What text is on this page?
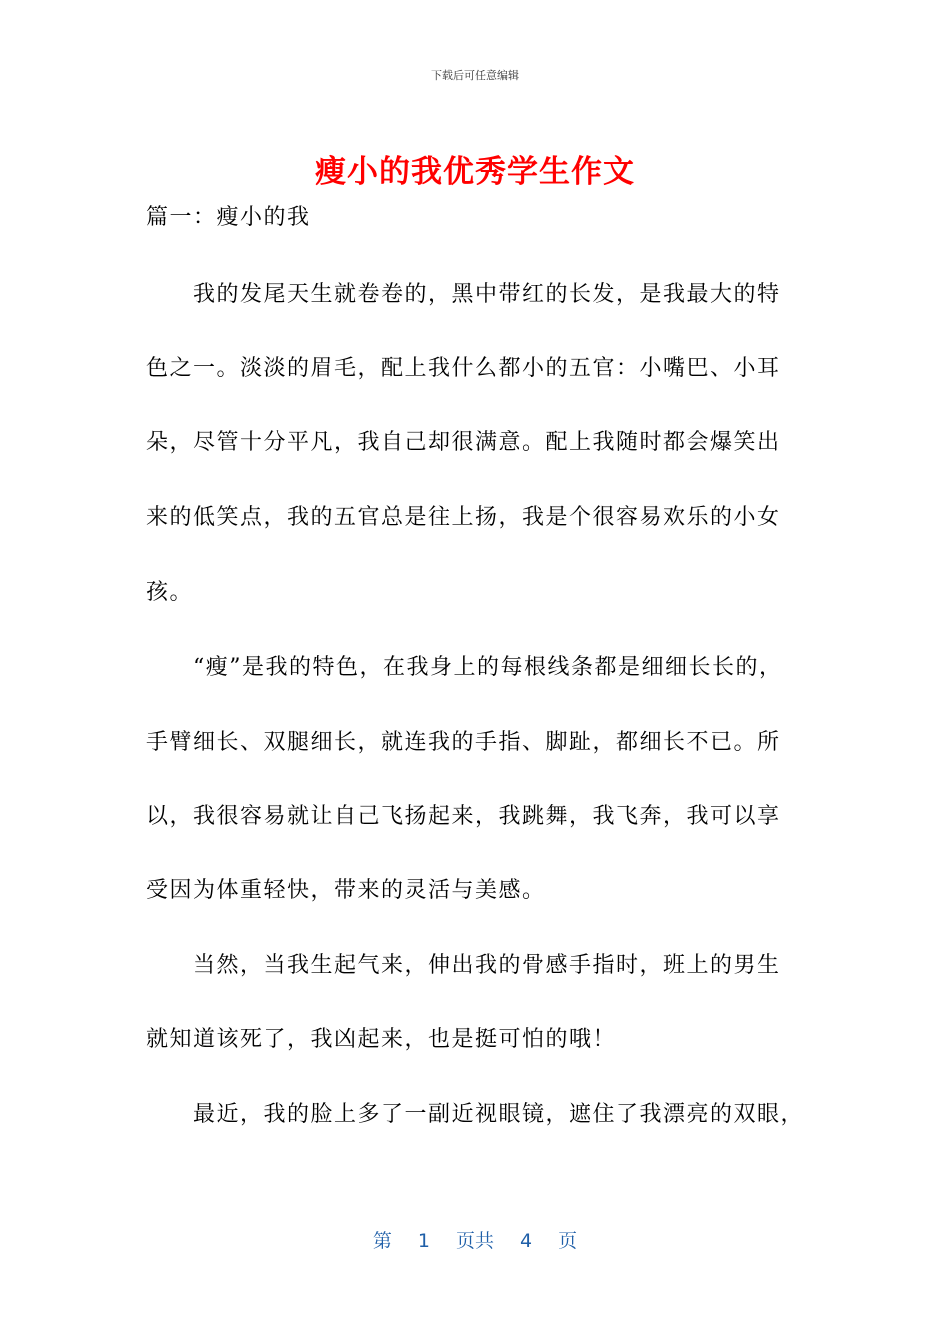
下载后可任意编辑
瘦小的我优秀学生作文
篇一：瘦小的我
我的发尾天生就卷卷的，黑中带红的长发，是我最大的特
色之一。淡淡的眉毛，配上我什么都小的五官：小嘴巴、小耳
朵，尽管十分平凡，我自己却很满意。配上我随时都会爆笑出
来的低笑点，我的五官总是往上扬，我是个很容易欢乐的小女
孩。
“瘦”是我的特色，在我身上的每根线条都是细细长长的，
手臂细长、双腿细长，就连我的手指、脚趾，都细长不已。所
以，我很容易就让自己飞扬起来，我跳舞，我飞奔，我可以享
受因为体重轻快，带来的灵活与美感。
当然，当我生起气来，伸出我的骨感手指时，班上的男生
就知道该死了，我凶起来，也是挺可怕的哦！
最近，我的脸上多了一副近视眼镜，遮住了我漂亮的双眼，
第 1 页共 4 页
